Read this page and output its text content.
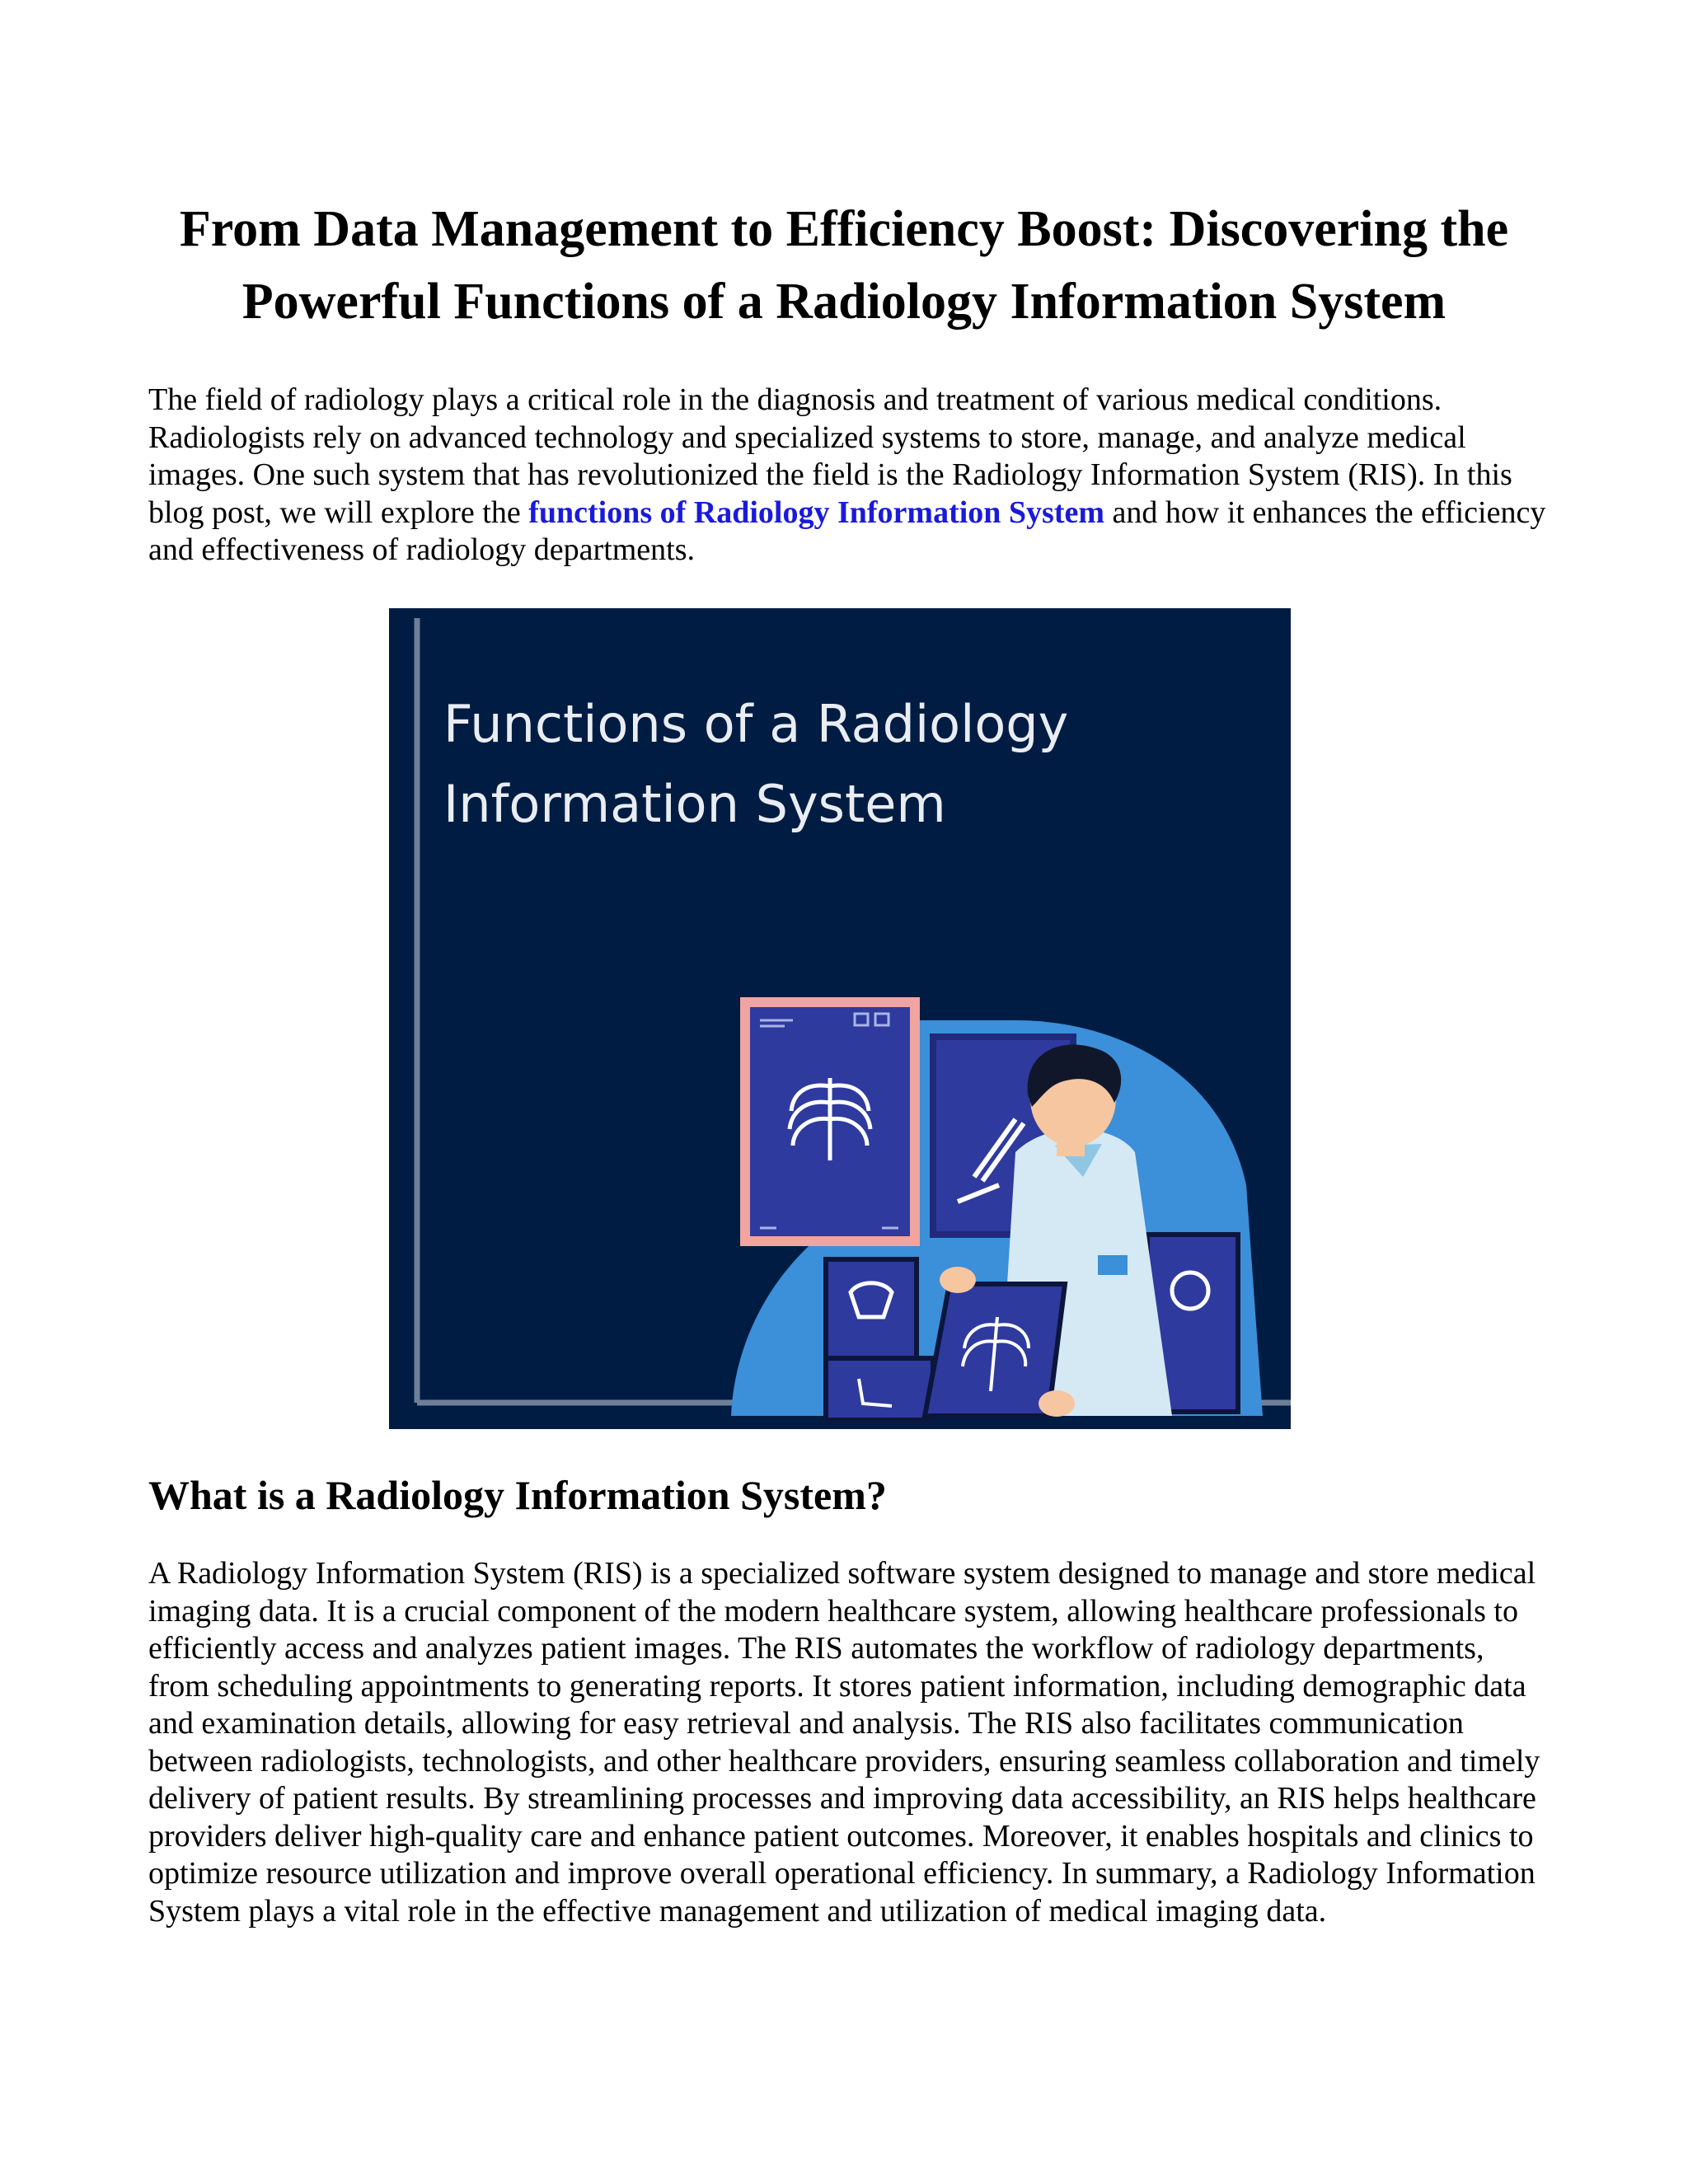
From Data Management to Efficiency Boost: Discovering the Powerful Functions of a Radiology Information System

The field of radiology plays a critical role in the diagnosis and treatment of various medical conditions. Radiologists rely on advanced technology and specialized systems to store, manage, and analyze medical images. One such system that has revolutionized the field is the Radiology Information System (RIS). In this blog post, we will explore the functions of Radiology Information System and how it enhances the efficiency and effectiveness of radiology departments.

Functions of a Radiology Information System

What is a Radiology Information System?

A Radiology Information System (RIS) is a specialized software system designed to manage and store medical imaging data. It is a crucial component of the modern healthcare system, allowing healthcare professionals to efficiently access and analyzes patient images. The RIS automates the workflow of radiology departments, from scheduling appointments to generating reports. It stores patient information, including demographic data and examination details, allowing for easy retrieval and analysis. The RIS also facilitates communication between radiologists, technologists, and other healthcare providers, ensuring seamless collaboration and timely delivery of patient results. By streamlining processes and improving data accessibility, an RIS helps healthcare providers deliver high-quality care and enhance patient outcomes. Moreover, it enables hospitals and clinics to optimize resource utilization and improve overall operational efficiency. In summary, a Radiology Information System plays a vital role in the effective management and utilization of medical imaging data.
